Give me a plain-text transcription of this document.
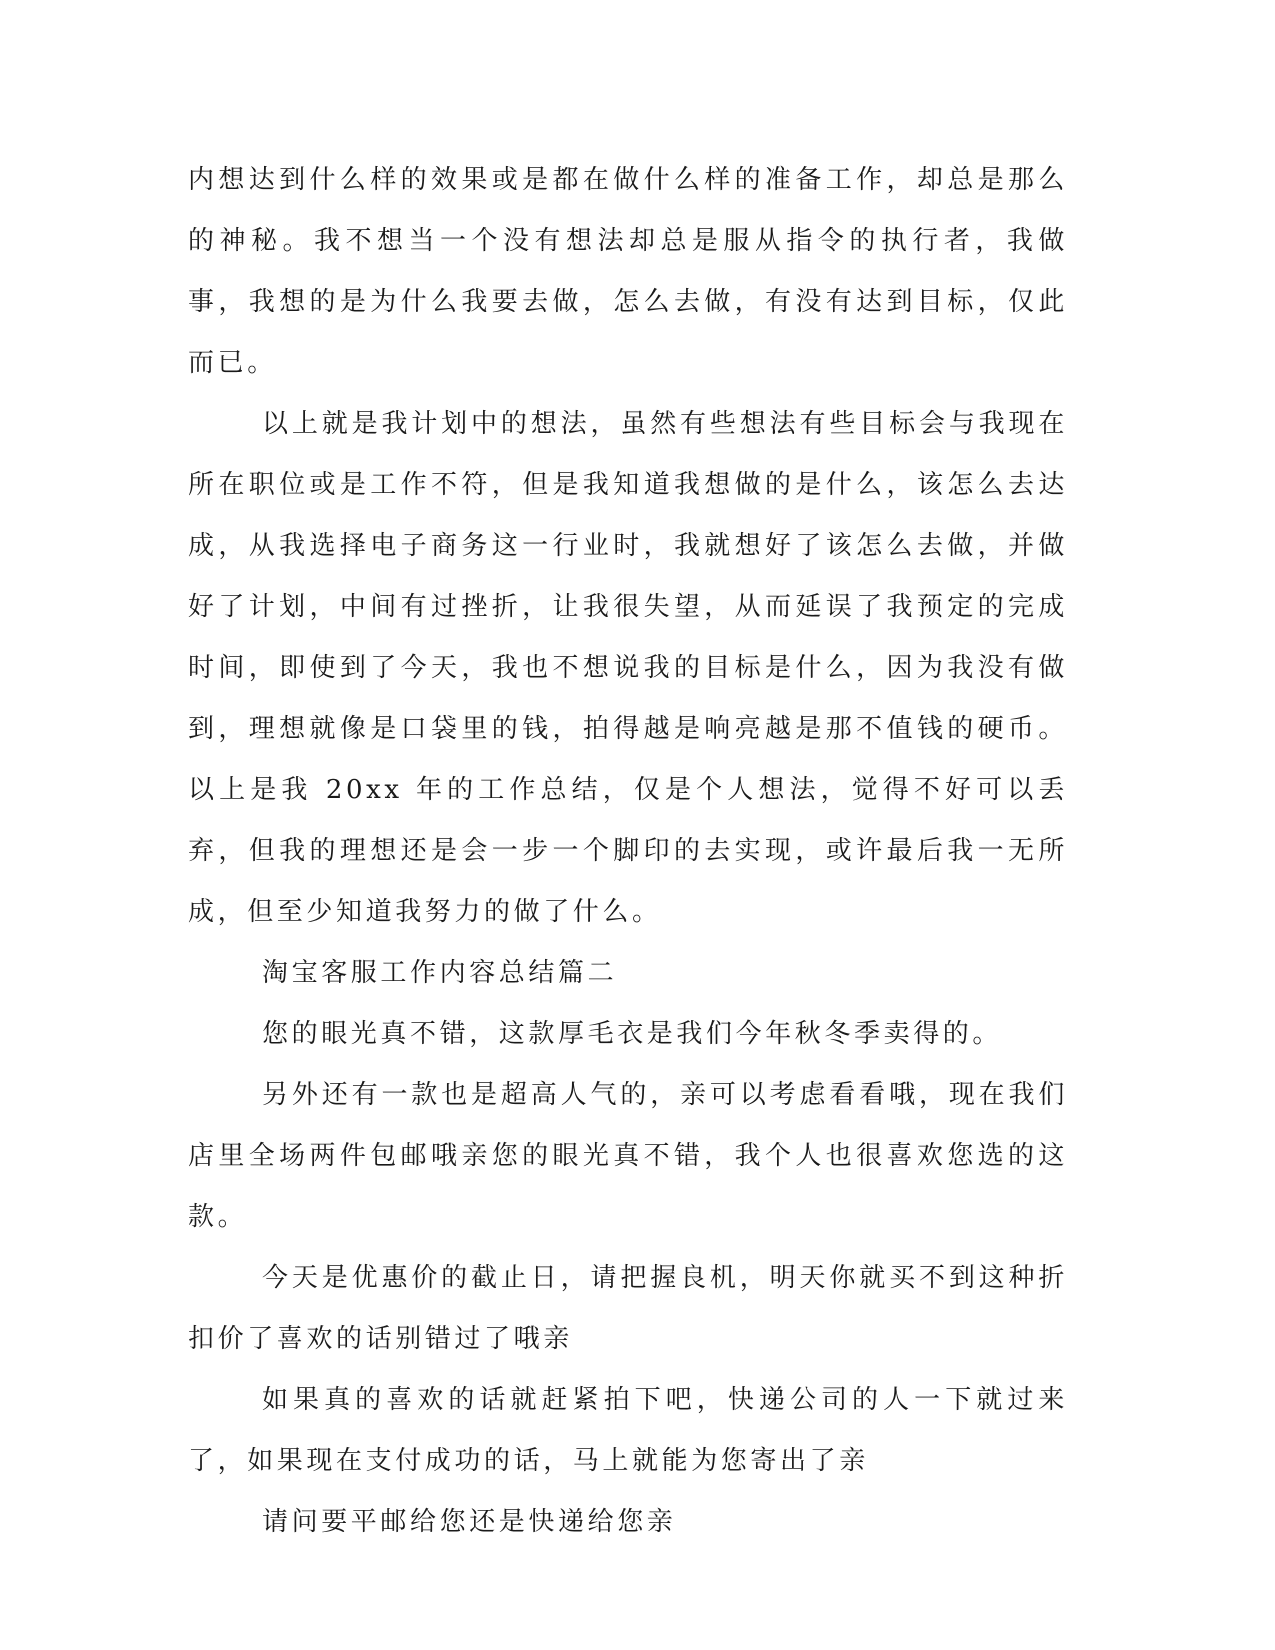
内想达到什么样的效果或是都在做什么样的准备工作，却总是那么的神秘。我不想当一个没有想法却总是服从指令的执行者，我做事，我想的是为什么我要去做，怎么去做，有没有达到目标，仅此而已。

以上就是我计划中的想法，虽然有些想法有些目标会与我现在所在职位或是工作不符，但是我知道我想做的是什么，该怎么去达成，从我选择电子商务这一行业时，我就想好了该怎么去做，并做好了计划，中间有过挫折，让我很失望，从而延误了我预定的完成时间，即使到了今天，我也不想说我的目标是什么，因为我没有做到，理想就像是口袋里的钱，拍得越是响亮越是那不值钱的硬币。以上是我 20xx 年的工作总结，仅是个人想法，觉得不好可以丢弃，但我的理想还是会一步一个脚印的去实现，或许最后我一无所成，但至少知道我努力的做了什么。

淘宝客服工作内容总结篇二

您的眼光真不错，这款厚毛衣是我们今年秋冬季卖得的。

另外还有一款也是超高人气的，亲可以考虑看看哦，现在我们店里全场两件包邮哦亲您的眼光真不错，我个人也很喜欢您选的这款。

今天是优惠价的截止日，请把握良机，明天你就买不到这种折扣价了喜欢的话别错过了哦亲

如果真的喜欢的话就赶紧拍下吧，快递公司的人一下就过来了，如果现在支付成功的话，马上就能为您寄出了亲

请问要平邮给您还是快递给您亲
